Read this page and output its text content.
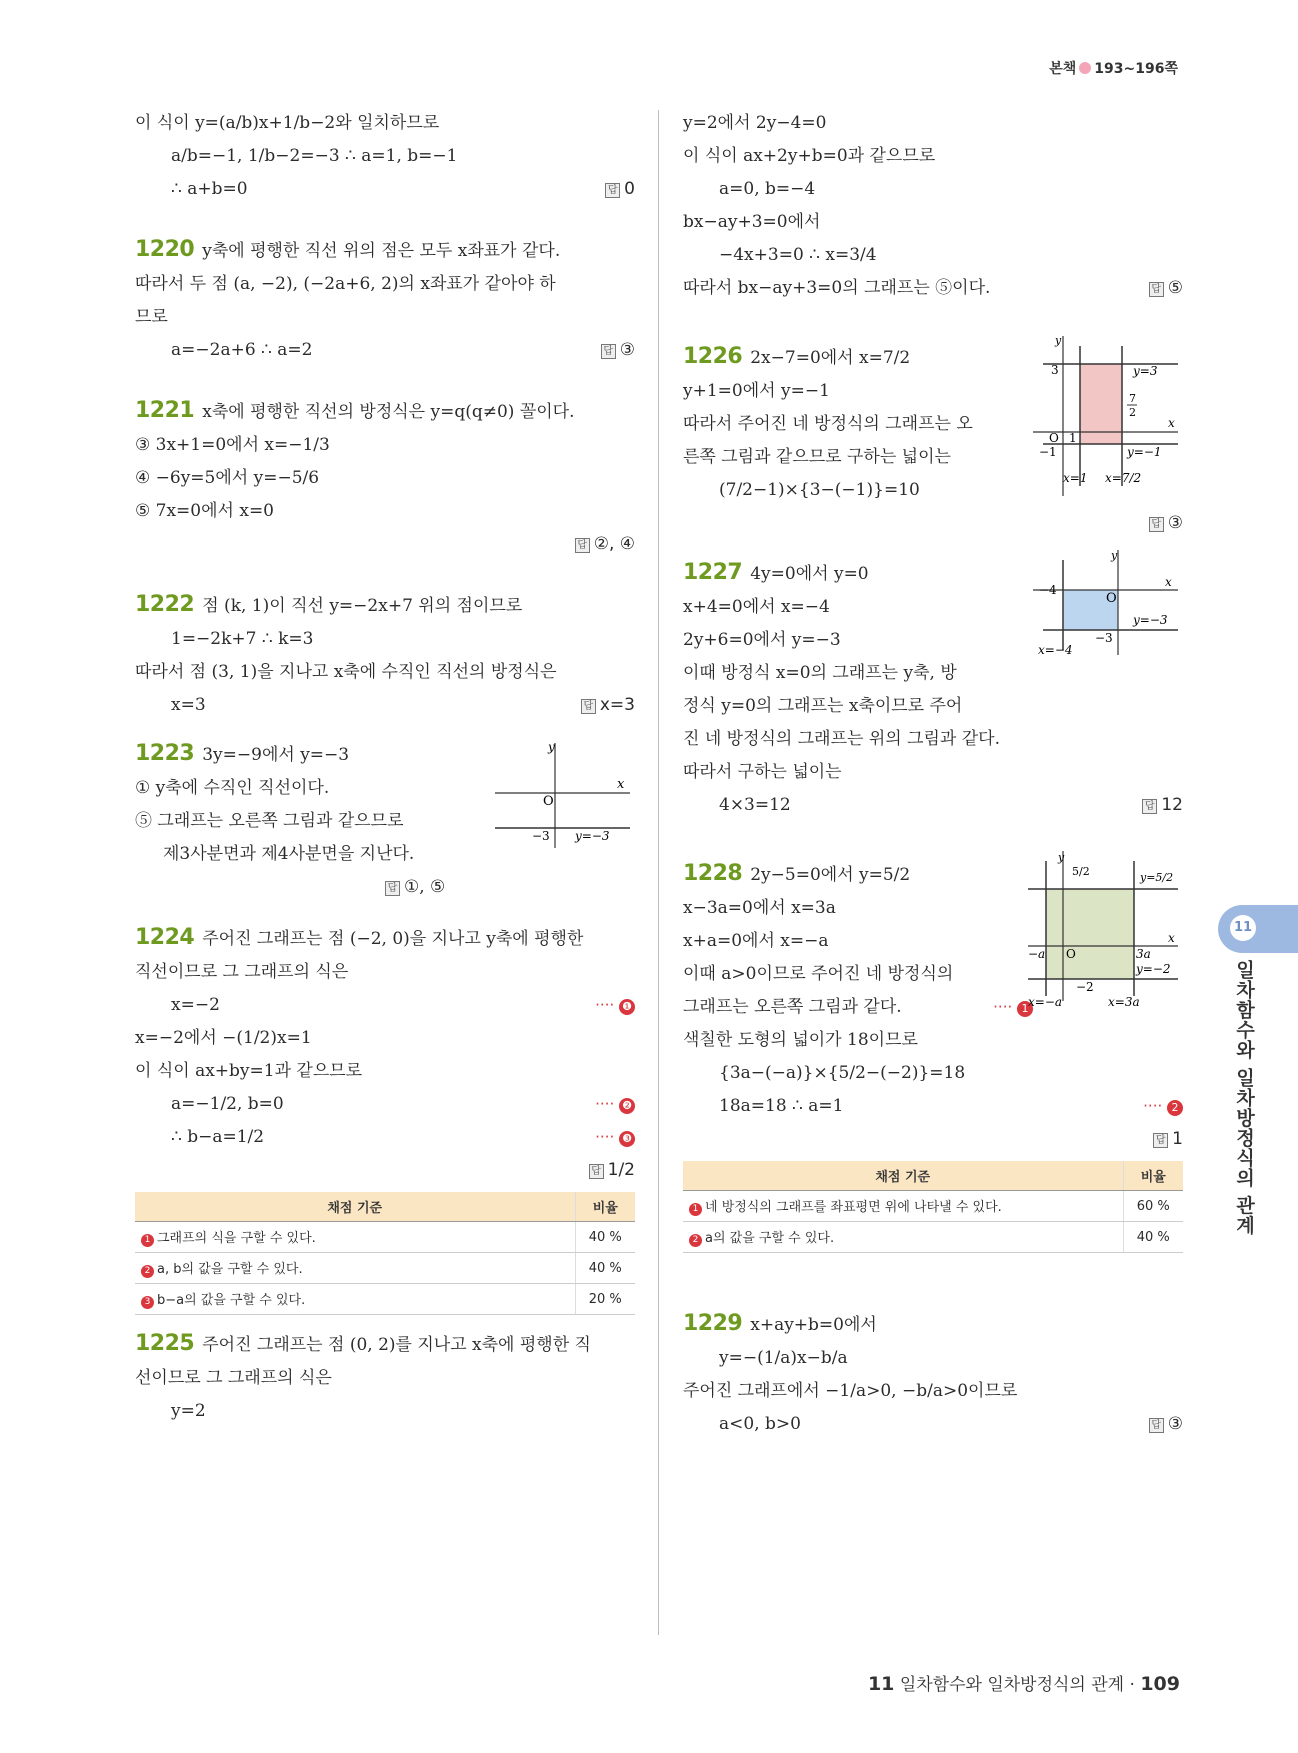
본책 193~196쪽
이 식이 y=(a/b)x+1/b−2와 일치하므로
a/b=−1, 1/b−2=−3 ∴ a=1, b=−1
∴ a+b=0	답 0
1220 y축에 평행한 직선 위의 점은 모두 x좌표가 같다.
따라서 두 점 (a, −2), (−2a+6, 2)의 x좌표가 같아야 하
므로
a=−2a+6 ∴ a=2	답 ③
1221 x축에 평행한 직선의 방정식은 y=q(q≠0) 꼴이다.
③ 3x+1=0에서 x=−1/3
④ −6y=5에서 y=−5/6
⑤ 7x=0에서 x=0

답 ②, ④
1222 점 (k, 1)이 직선 y=−2x+7 위의 점이므로
1=−2k+7 ∴ k=3
따라서 점 (3, 1)을 지나고 x축에 수직인 직선의 방정식은
x=3	답 x=3
1223 3y=−9에서 y=−3
① y축에 수직인 직선이다.
⑤ 그래프는 오른쪽 그림과 같으므로
제3사분면과 제4사분면을 지난다.
답 ①, ⑤
y
x
O
−3 y=−3
1224 주어진 그래프는 점 (−2, 0)을 지나고 y축에 평행한
직선이므로 그 그래프의 식은
x=−2	···· ❶
x=−2에서 −(1/2)x=1
이 식이 ax+by=1과 같으므로
a=−1/2, b=0	···· ❷
∴ b−a=1/2	···· ❸

답 1/2
채점 기준	비율
1 그래프의 식을 구할 수 있다.	40 %
2 a, b의 값을 구할 수 있다.	40 %
3 b−a의 값을 구할 수 있다.	20 %
1225 주어진 그래프는 점 (0, 2)를 지나고 x축에 평행한 직
선이므로 그 그래프의 식은
y=2
y=2에서 2y−4=0
이 식이 ax+2y+b=0과 같으므로
a=0, b=−4
bx−ay+3=0에서
−4x+3=0 ∴ x=3/4
따라서 bx−ay+3=0의 그래프는 ⑤이다.	답 ⑤
1226 2x−7=0에서 x=7/2
y+1=0에서 y=−1
따라서 주어진 네 방정식의 그래프는 오
른쪽 그림과 같으므로 구하는 넓이는
(7/2−1)×{3−(−1)}=10

답 ③
y
x
O 1
3
−1
y=3
7
2
y=−1
x=1 x=7/2
1227 4y=0에서 y=0
x+4=0에서 x=−4
2y+6=0에서 y=−3
이때 방정식 x=0의 그래프는 y축, 방
정식 y=0의 그래프는 x축이므로 주어
진 네 방정식의 그래프는 위의 그림과 같다.
따라서 구하는 넓이는
4×3=12	답 12
y
x
O
−4
−3
y=−3
x=−4
1228 2y−5=0에서 y=5/2
x−3a=0에서 x=3a
x+a=0에서 x=−a
이때 a>0이므로 주어진 네 방정식의
그래프는 오른쪽 그림과 같다.	···· 1
색칠한 도형의 넓이가 18이므로
{3a−(−a)}×{5/2−(−2)}=18
18a=18 ∴ a=1	···· 2

답 1
y
x
O
5/2	y=5/2
−a	3a
y=−2
−2
x=−a	x=3a
채점 기준	비율
1 네 방정식의 그래프를 좌표평면 위에 나타낼 수 있다.	60 %
2 a의 값을 구할 수 있다.	40 %
1229 x+ay+b=0에서
y=−(1/a)x−b/a
주어진 그래프에서 −1/a>0, −b/a>0이므로
a<0, b>0	답 ③
11
일차함수와 일차방정식의 관계
11 일차함수와 일차방정식의 관계 · 109
